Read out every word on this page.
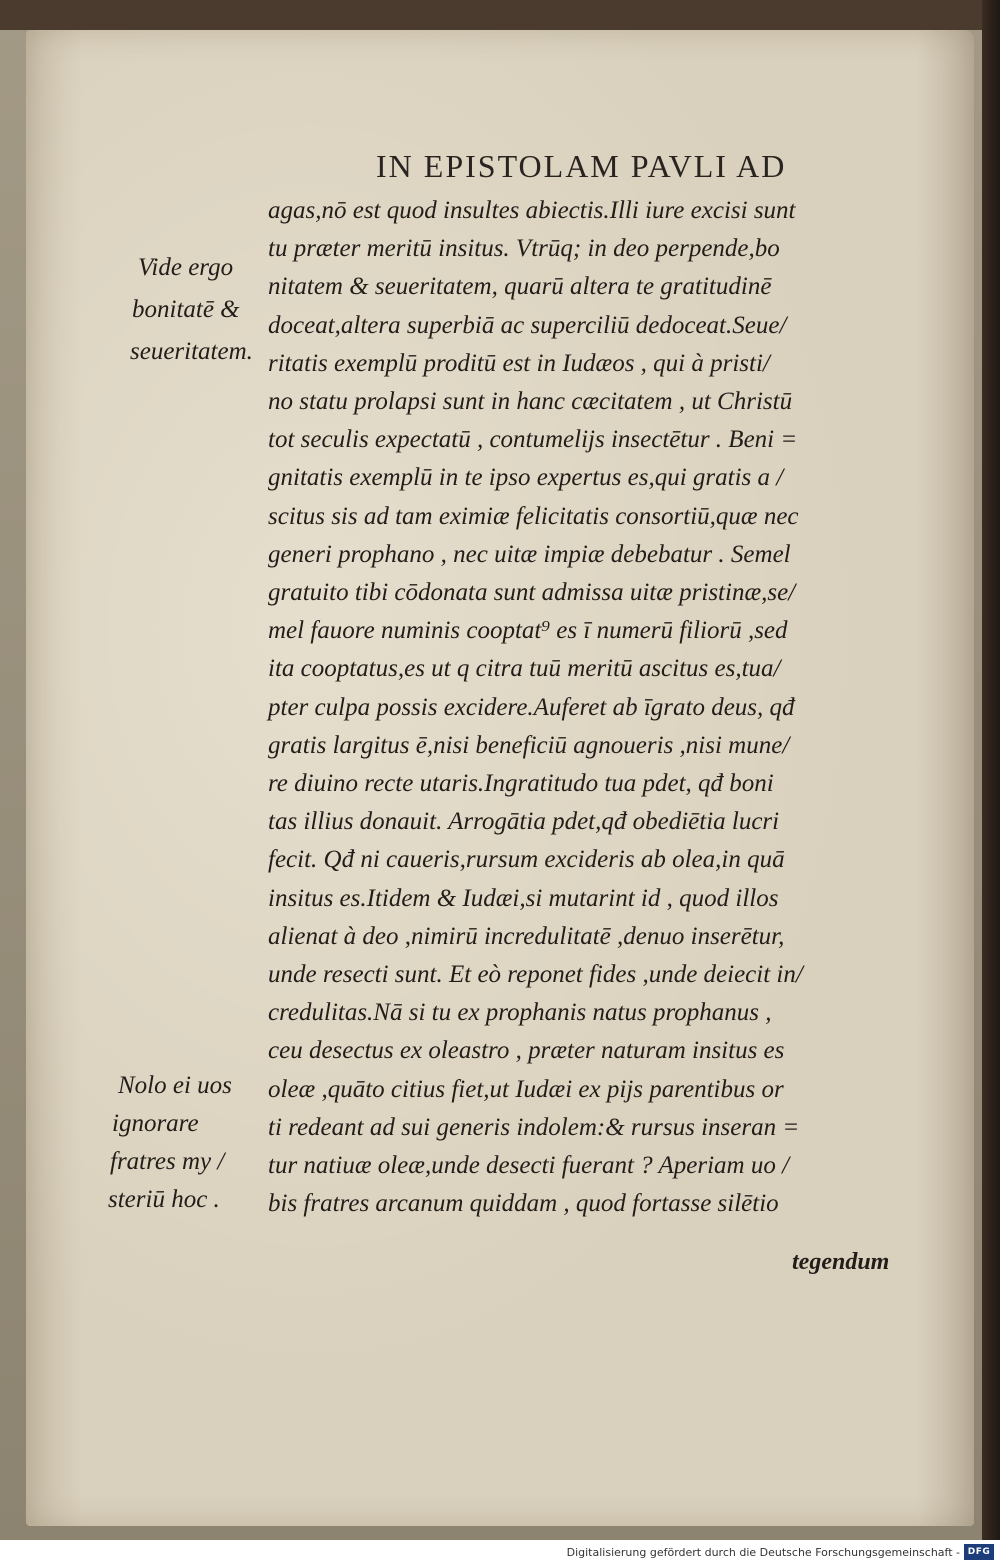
IN EPISTOLAM PAVLI AD
agas,nō est quod insultes abiectis.Illi iure excisi sunt
tu præter meritū insitus. Vtrūq; in deo perpende,bo
nitatem & seueritatem, quarū altera te gratitudinē
doceat,altera superbiā ac superciliū dedoceat.Seue/
ritatis exemplū proditū est in Iudæos , qui à pristi/
no statu prolapsi sunt in hanc cæcitatem , ut Christū
tot seculis expectatū , contumelijs insectētur . Beni =
gnitatis exemplū in te ipso expertus es,qui gratis a /
scitus sis ad tam eximiæ felicitatis consortiū,quæ nec
generi prophano , nec uitæ impiæ debebatur . Semel
gratuito tibi cōdonata sunt admissa uitæ pristinæ,se/
mel fauore numinis cooptat⁹ es ī numerū filiorū ,sed
ita cooptatus,es ut q citra tuū meritū ascitus es,tua/
pter culpa possis excidere.Auferet ab īgrato deus, qđ
gratis largitus ē,nisi beneficiū agnoueris ,nisi mune/
re diuino recte utaris.Ingratitudo tua pdet, qđ boni
tas illius donauit. Arrogātia pdet,qđ obediētia lucri
fecit. Qđ ni caueris,rursum excideris ab olea,in quā
insitus es.Itidem & Iudæi,si mutarint id , quod illos
alienat à deo ,nimirū incredulitatē ,denuo inserētur,
unde resecti sunt. Et eò reponet fides ,unde deiecit in/
credulitas.Nā si tu ex prophanis natus prophanus ,
ceu desectus ex oleastro , præter naturam insitus es
oleæ ,quāto citius fiet,ut Iudæi ex pijs parentibus or
ti redeant ad sui generis indolem:& rursus inseran =
tur natiuæ oleæ,unde desecti fuerant ? Aperiam uo /
bis fratres arcanum quiddam , quod fortasse silētio
Vide ergo
bonitatē &
seueritatem.
Nolo ei uos
ignorare
fratres my /
steriū hoc .
tegendum
Digitalisierung gefördert durch die Deutsche Forschungsgemeinschaft - DFG
